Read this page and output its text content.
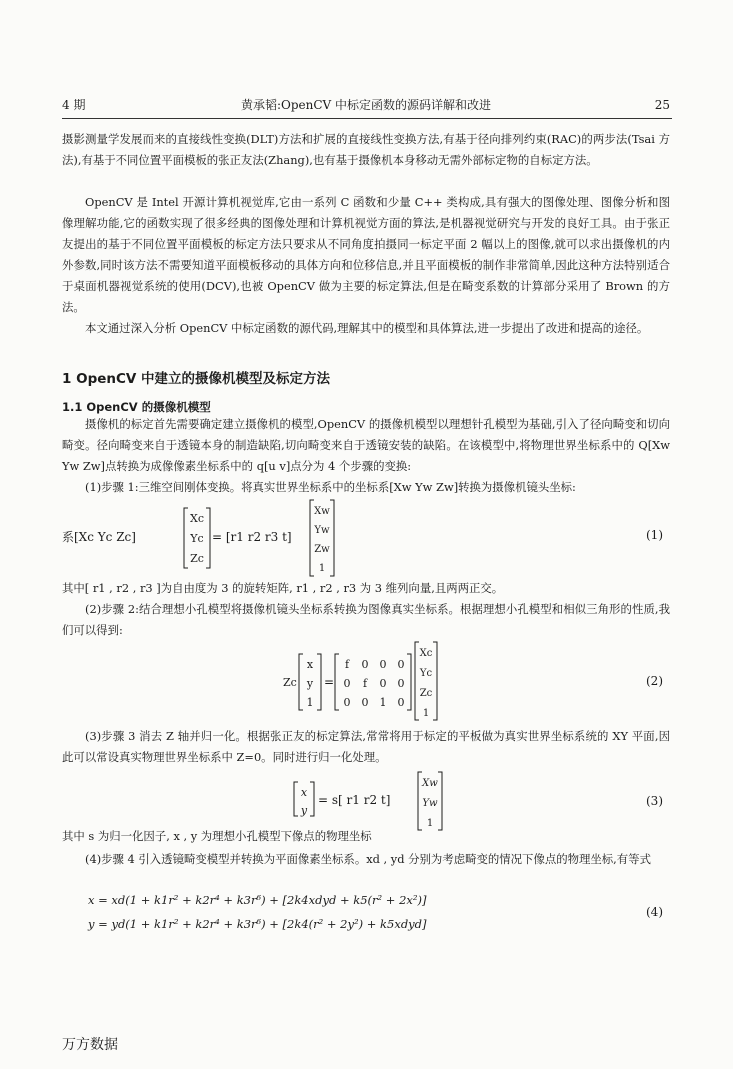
4 期	黄承韬:OpenCV 中标定函数的源码详解和改进	25

摄影测量学发展而来的直接线性变换(DLT)方法和扩展的直接线性变换方法,有基于径向排列约束(RAC)的两步法(Tsai 方法),有基于不同位置平面模板的张正友法(Zhang),也有基于摄像机本身移动无需外部标定物的自标定方法。

OpenCV 是 Intel 开源计算机视觉库,它由一系列 C 函数和少量 C++ 类构成,具有强大的图像处理、图像分析和图像理解功能,它的函数实现了很多经典的图像处理和计算机视觉方面的算法,是机器视觉研究与开发的良好工具。由于张正友提出的基于不同位置平面模板的标定方法只要求从不同角度拍摄同一标定平面 2 幅以上的图像,就可以求出摄像机的内外参数,同时该方法不需要知道平面模板移动的具体方向和位移信息,并且平面模板的制作非常简单,因此这种方法特别适合于桌面机器视觉系统的使用(DCV),也被 OpenCV 做为主要的标定算法,但是在畸变系数的计算部分采用了 Brown 的方法。

本文通过深入分析 OpenCV 中标定函数的源代码,理解其中的模型和具体算法,进一步提出了改进和提高的途径。

1 OpenCV 中建立的摄像机模型及标定方法
1.1 OpenCV 的摄像机模型

摄像机的标定首先需要确定建立摄像机的模型,OpenCV 的摄像机模型以理想针孔模型为基础,引入了径向畸变和切向畸变。径向畸变来自于透镜本身的制造缺陷,切向畸变来自于透镜安装的缺陷。在该模型中,将物理世界坐标系中的 Q[Xw Yw Zw]点转换为成像像素坐标系中的 q[u v]点分为 4 个步骤的变换:

(1)步骤 1:三维空间刚体变换。将真实世界坐标系中的坐标系[Xw Yw Zw]转换为摄像机镜头坐标:

系[Xc Yc Zc]
Xc
Yc
Zc
= [r1 r2 r3 t]
Xw
Yw
Zw
1
(1)

其中[ r1 , r2 , r3 ]为自由度为 3 的旋转矩阵, r1 , r2 , r3 为 3 维列向量,且两两正交。

(2)步骤 2:结合理想小孔模型将摄像机镜头坐标系转换为图像真实坐标系。根据理想小孔模型和相似三角形的性质,我们可以得到:

Zc
x
y
1
=
f 0 0 0
0 f 0 0
0 0 1 0
Xc
Yc
Zc
1
(2)

(3)步骤 3 消去 Z 轴并归一化。根据张正友的标定算法,常常将用于标定的平板做为真实世界坐标系统的 XY 平面,因此可以常设真实物理世界坐标系中 Z=0。同时进行归一化处理。

x
y
= s[ r1 r2 t]
Xw
Yw
1
(3)

其中 s 为归一化因子, x , y 为理想小孔模型下像点的物理坐标

(4)步骤 4 引入透镜畸变模型并转换为平面像素坐标系。xd , yd 分别为考虑畸变的情况下像点的物理坐标,有等式

x = xd(1 + k1r² + k2r⁴ + k3r⁶) + [2k4xdyd + k5(r² + 2x²)]
y = yd(1 + k1r² + k2r⁴ + k3r⁶) + [2k4(r² + 2y²) + k5xdyd]
(4)
万方数据
